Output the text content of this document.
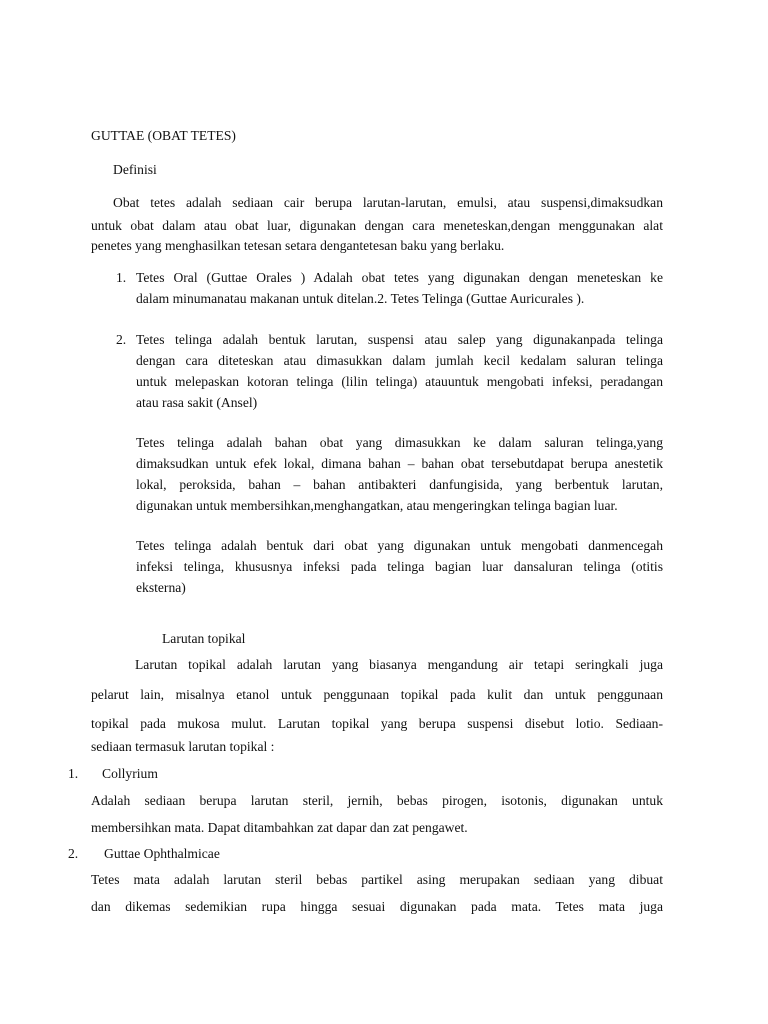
GUTTAE (OBAT TETES)
Definisi
Obat tetes adalah sediaan cair berupa larutan-larutan, emulsi, atau suspensi,dimaksudkan
untuk obat dalam atau obat luar, digunakan dengan cara meneteskan,dengan menggunakan alat
penetes yang menghasilkan tetesan setara dengantetesan baku yang berlaku.
1. Tetes Oral (Guttae Orales ) Adalah obat tetes yang digunakan dengan meneteskan ke
dalam minumanatau makanan untuk ditelan.2. Tetes Telinga (Guttae Auricurales ).
2. Tetes telinga adalah bentuk larutan, suspensi atau salep yang digunakanpada telinga
dengan cara diteteskan atau dimasukkan dalam jumlah kecil kedalam saluran telinga
untuk melepaskan kotoran telinga (lilin telinga) atauuntuk mengobati infeksi, peradangan
atau rasa sakit (Ansel)
Tetes telinga adalah bahan obat yang dimasukkan ke dalam saluran telinga,yang
dimaksudkan untuk efek lokal, dimana bahan – bahan obat tersebutdapat berupa anestetik
lokal, peroksida, bahan – bahan antibakteri danfungisida, yang berbentuk larutan,
digunakan untuk membersihkan,menghangatkan, atau mengeringkan telinga bagian luar.
Tetes telinga adalah bentuk dari obat yang digunakan untuk mengobati danmencegah
infeksi telinga, khususnya infeksi pada telinga bagian luar dansaluran telinga (otitis
eksterna)
Larutan topikal
Larutan topikal adalah larutan yang biasanya mengandung air tetapi seringkali juga
pelarut lain, misalnya etanol untuk penggunaan topikal pada kulit dan untuk penggunaan
topikal pada mukosa mulut. Larutan topikal yang berupa suspensi disebut lotio. Sediaan-
sediaan termasuk larutan topikal :
1. Collyrium
Adalah sediaan berupa larutan steril, jernih, bebas pirogen, isotonis, digunakan untuk
membersihkan mata. Dapat ditambahkan zat dapar dan zat pengawet.
2. Guttae Ophthalmicae
Tetes mata adalah larutan steril bebas partikel asing merupakan sediaan yang dibuat
dan dikemas sedemikian rupa hingga sesuai digunakan pada mata. Tetes mata juga
